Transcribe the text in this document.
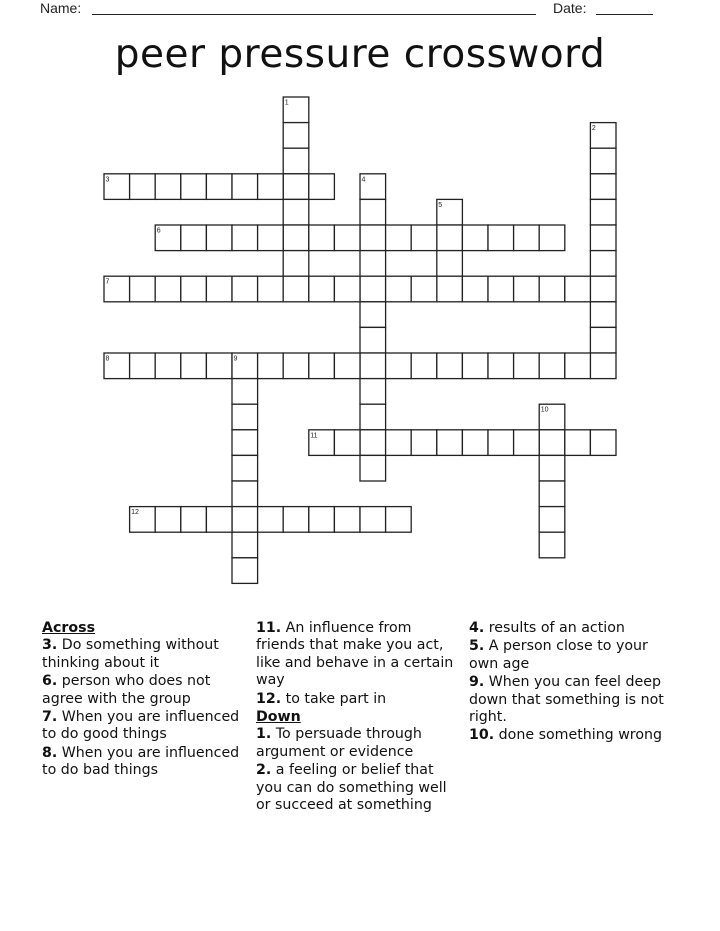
Name:	Date:
peer pressure crossword
1
2
3	4
5
6
7
8	9
10
11
12
Across
3. Do something without thinking about it
6. person who does not agree with the group
7. When you are influenced to do good things
8. When you are influenced to do bad things
11. An influence from friends that make you act, like and behave in a certain way
12. to take part in
Down
1. To persuade through argument or evidence
2. a feeling or belief that you can do something well or succeed at something
4. results of an action
5. A person close to your own age
9. When you can feel deep down that something is not right.
10. done something wrong
